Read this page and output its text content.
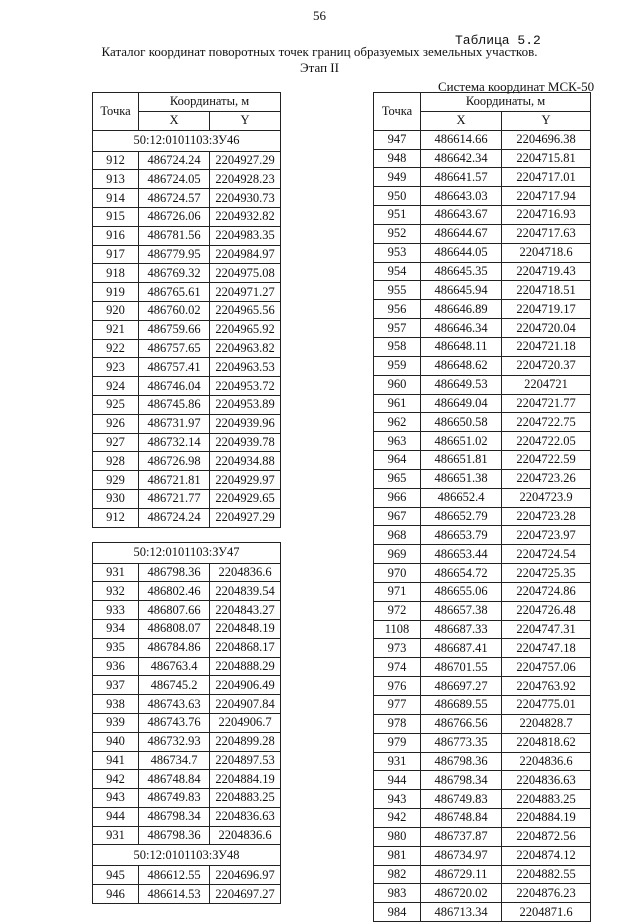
56
Таблица 5.2
Каталог координат поворотных точек границ образуемых земельных участков.
Этап II
Система координат МСК-50
Точка	Координаты, м	
	X	Y
50:12:0101103:ЗУ46		
912	486724.24	2204927.29
913	486724.05	2204928.23
914	486724.57	2204930.73
915	486726.06	2204932.82
916	486781.56	2204983.35
917	486779.95	2204984.97
918	486769.32	2204975.08
919	486765.61	2204971.27
920	486760.02	2204965.56
921	486759.66	2204965.92
922	486757.65	2204963.82
923	486757.41	2204963.53
924	486746.04	2204953.72
925	486745.86	2204953.89
926	486731.97	2204939.96
927	486732.14	2204939.78
928	486726.98	2204934.88
929	486721.81	2204929.97
930	486721.77	2204929.65
912	486724.24	2204927.29

50:12:0101103:ЗУ47		
931	486798.36	2204836.6
932	486802.46	2204839.54
933	486807.66	2204843.27
934	486808.07	2204848.19
935	486784.86	2204868.17
936	486763.4	2204888.29
937	486745.2	2204906.49
938	486743.63	2204907.84
939	486743.76	2204906.7
940	486732.93	2204899.28
941	486734.7	2204897.53
942	486748.84	2204884.19
943	486749.83	2204883.25
944	486798.34	2204836.63
931	486798.36	2204836.6
50:12:0101103:ЗУ48		
945	486612.55	2204696.97
946	486614.53	2204697.27
Точка	Координаты, м	
	X	Y
947	486614.66	2204696.38
948	486642.34	2204715.81
949	486641.57	2204717.01
950	486643.03	2204717.94
951	486643.67	2204716.93
952	486644.67	2204717.63
953	486644.05	2204718.6
954	486645.35	2204719.43
955	486645.94	2204718.51
956	486646.89	2204719.17
957	486646.34	2204720.04
958	486648.11	2204721.18
959	486648.62	2204720.37
960	486649.53	2204721
961	486649.04	2204721.77
962	486650.58	2204722.75
963	486651.02	2204722.05
964	486651.81	2204722.59
965	486651.38	2204723.26
966	486652.4	2204723.9
967	486652.79	2204723.28
968	486653.79	2204723.97
969	486653.44	2204724.54
970	486654.72	2204725.35
971	486655.06	2204724.86
972	486657.38	2204726.48
1108	486687.33	2204747.31
973	486687.41	2204747.18
974	486701.55	2204757.06
976	486697.27	2204763.92
977	486689.55	2204775.01
978	486766.56	2204828.7
979	486773.35	2204818.62
931	486798.36	2204836.6
944	486798.34	2204836.63
943	486749.83	2204883.25
942	486748.84	2204884.19
980	486737.87	2204872.56
981	486734.97	2204874.12
982	486729.11	2204882.55
983	486720.02	2204876.23
984	486713.34	2204871.6
